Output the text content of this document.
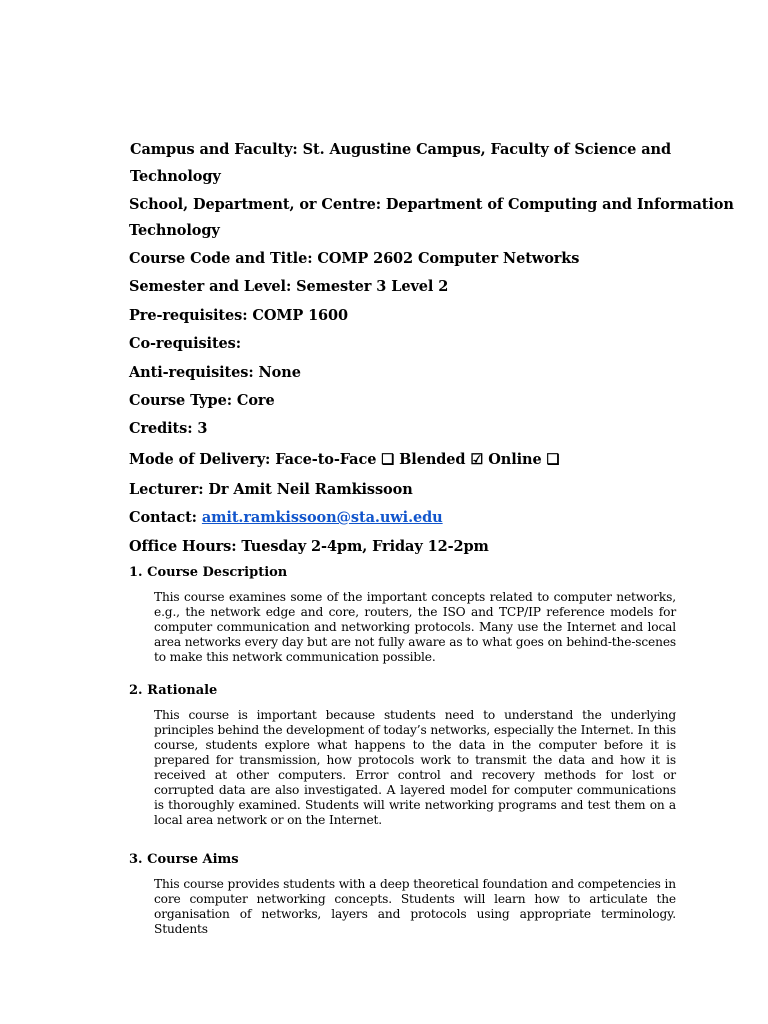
Campus and Faculty: St. Augustine Campus, Faculty of Science and
Technology
School, Department, or Centre: Department of Computing and Information
Technology
Course Code and Title: COMP 2602 Computer Networks
Semester and Level: Semester 3 Level 2
Pre-requisites: COMP 1600
Co-requisites:
Anti-requisites: None
Course Type: Core
Credits: 3
Mode of Delivery: Face-to-Face ❏ Blended ☑ Online ❏
Lecturer: Dr Amit Neil Ramkissoon
Contact: amit.ramkissoon@sta.uwi.edu
Office Hours: Tuesday 2-4pm, Friday 12-2pm
1. Course Description
This course examines some of the important concepts related to computer networks, e.g., the network edge and core, routers, the ISO and TCP/IP reference models for computer communication and networking protocols. Many use the Internet and local area networks every day but are not fully aware as to what goes on behind-the-scenes to make this network communication possible.
2. Rationale
This course is important because students need to understand the underlying principles behind the development of today’s networks, especially the Internet. In this course, students explore what happens to the data in the computer before it is prepared for transmission, how protocols work to transmit the data and how it is received at other computers. Error control and recovery methods for lost or corrupted data are also investigated. A layered model for computer communications is thoroughly examined. Students will write networking programs and test them on a local area network or on the Internet.
3. Course Aims
This course provides students with a deep theoretical foundation and competencies in core computer networking concepts. Students will learn how to articulate the organisation of networks, layers and protocols using appropriate terminology. Students
